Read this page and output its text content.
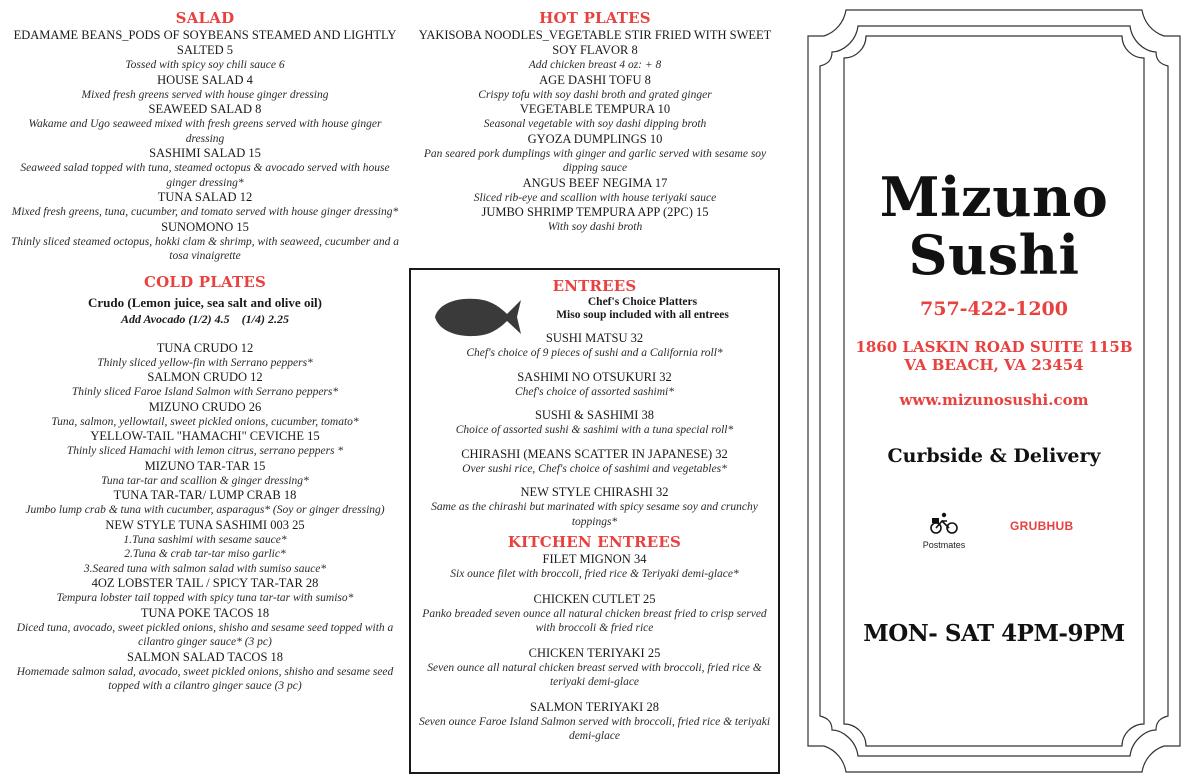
SALAD
EDAMAME BEANS_PODS OF SOYBEANS STEAMED AND LIGHTLY SALTED 5
Tossed with spicy soy chili sauce 6
HOUSE SALAD 4
Mixed fresh greens served with house ginger dressing
SEAWEED SALAD 8
Wakame and Ugo seaweed mixed with fresh greens served with house ginger dressing
SASHIMI SALAD 15
Seaweed salad topped with tuna, steamed octopus & avocado served with house ginger dressing*
TUNA SALAD 12
Mixed fresh greens, tuna, cucumber, and tomato served with house ginger dressing*
SUNOMONO 15
Thinly sliced steamed octopus, hokki clam & shrimp, with seaweed, cucumber and a tosa vinaigrette
COLD PLATES
Crudo (Lemon juice, sea salt and olive oil)
Add Avocado (1/2) 4.5    (1/4) 2.25
TUNA CRUDO 12
Thinly sliced yellow-fin with Serrano peppers*
SALMON CRUDO 12
Thinly sliced Faroe Island Salmon with Serrano peppers*
MIZUNO CRUDO 26
Tuna, salmon, yellowtail, sweet pickled onions, cucumber, tomato*
YELLOW-TAIL "HAMACHI" CEVICHE 15
Thinly sliced Hamachi with lemon citrus, serrano peppers *
MIZUNO TAR-TAR 15
Tuna tar-tar and scallion & ginger dressing*
TUNA TAR-TAR/ LUMP CRAB 18
Jumbo lump crab & tuna with cucumber, asparagus* (Soy or ginger dressing)
NEW STYLE TUNA SASHIMI 003 25
1.Tuna sashimi with sesame sauce*
2.Tuna & crab tar-tar miso garlic*
3.Seared tuna with salmon salad with sumiso sauce*
4OZ LOBSTER TAIL / SPICY TAR-TAR 28
Tempura lobster tail topped with spicy tuna tar-tar with sumiso*
TUNA POKE TACOS 18
Diced tuna, avocado, sweet pickled onions, shisho and sesame seed topped with a cilantro ginger sauce* (3 pc)
SALMON SALAD TACOS 18
Homemade salmon salad, avocado, sweet pickled onions, shisho and sesame seed topped with a cilantro ginger sauce (3 pc)
HOT PLATES
YAKISOBA NOODLES_VEGETABLE STIR FRIED WITH SWEET SOY FLAVOR 8
Add chicken breast 4 oz: + 8
AGE DASHI TOFU 8
Crispy tofu with soy dashi broth and grated ginger
VEGETABLE TEMPURA 10
Seasonal vegetable with soy dashi dipping broth
GYOZA DUMPLINGS 10
Pan seared pork dumplings with ginger and garlic served with sesame soy dipping sauce
ANGUS BEEF NEGIMA 17
Sliced rib-eye and scallion with house teriyaki sauce
JUMBO SHRIMP TEMPURA APP (2PC) 15
With soy dashi broth
ENTREES
Chef's Choice Platters
Miso soup included with all entrees
SUSHI MATSU 32
Chef's choice of 9 pieces of sushi and a California roll*
SASHIMI NO OTSUKURI 32
Chef's choice of assorted sashimi*
SUSHI & SASHIMI 38
Choice of assorted sushi & sashimi with a tuna special roll*
CHIRASHI (MEANS SCATTER IN JAPANESE) 32
Over sushi rice, Chef's choice of sashimi and vegetables*
NEW STYLE CHIRASHI 32
Same as the chirashi but marinated with spicy sesame soy and crunchy toppings*
KITCHEN ENTREES
FILET MIGNON 34
Six ounce filet with broccoli, fried rice & Teriyaki demi-glace*
CHICKEN CUTLET 25
Panko breaded seven ounce all natural chicken breast fried to crisp served with broccoli & fried rice
CHICKEN TERIYAKI 25
Seven ounce all natural chicken breast served with broccoli, fried rice & teriyaki demi-glace
SALMON TERIYAKI 28
Seven ounce Faroe Island Salmon served with broccoli, fried rice & teriyaki demi-glace
Mizuno
Sushi
757-422-1200
1860 LASKIN ROAD SUITE 115B
VA BEACH, VA 23454
www.mizunosushi.com
Curbside & Delivery
Postmates
GRUBHUB
MON- SAT 4PM-9PM
